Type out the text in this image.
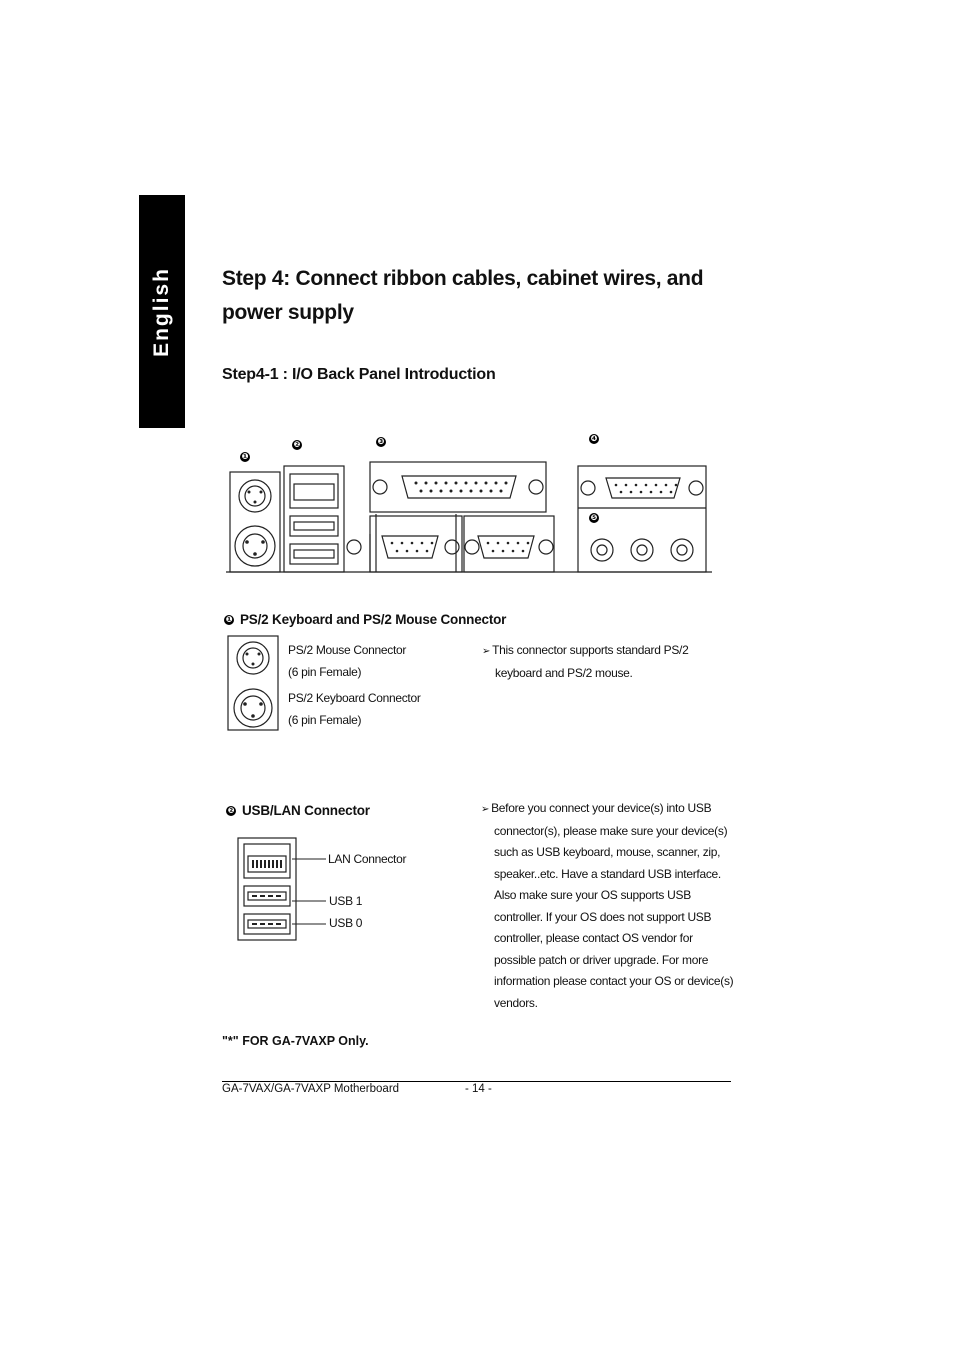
English Step 4: Connect ribbon cables, cabinet wires, and power supply
Step4-1 : I/O Back Panel Introduction
❶
❷	❸	❹
❺
❶ PS/2 Keyboard and PS/2 Mouse Connector
PS/2 Mouse Connector
(6 pin Female)
PS/2 Keyboard Connector
(6 pin Female)
➢ This connector supports standard PS/2
keyboard and PS/2 mouse.
❷ USB/LAN Connector
LAN Connector
USB 1
USB 0
➢ Before you connect your device(s) into USB
connector(s), please make sure your device(s)
such as USB keyboard, mouse, scanner, zip,
speaker..etc. Have a standard USB interface.
Also make sure your OS supports USB
controller. If your OS does not support USB
controller, please contact OS vendor for
possible patch or driver upgrade. For more
information please contact your OS or device(s)
vendors.
"*" FOR GA-7VAXP Only.
GA-7VAX/GA-7VAXP Motherboard	- 14 -
